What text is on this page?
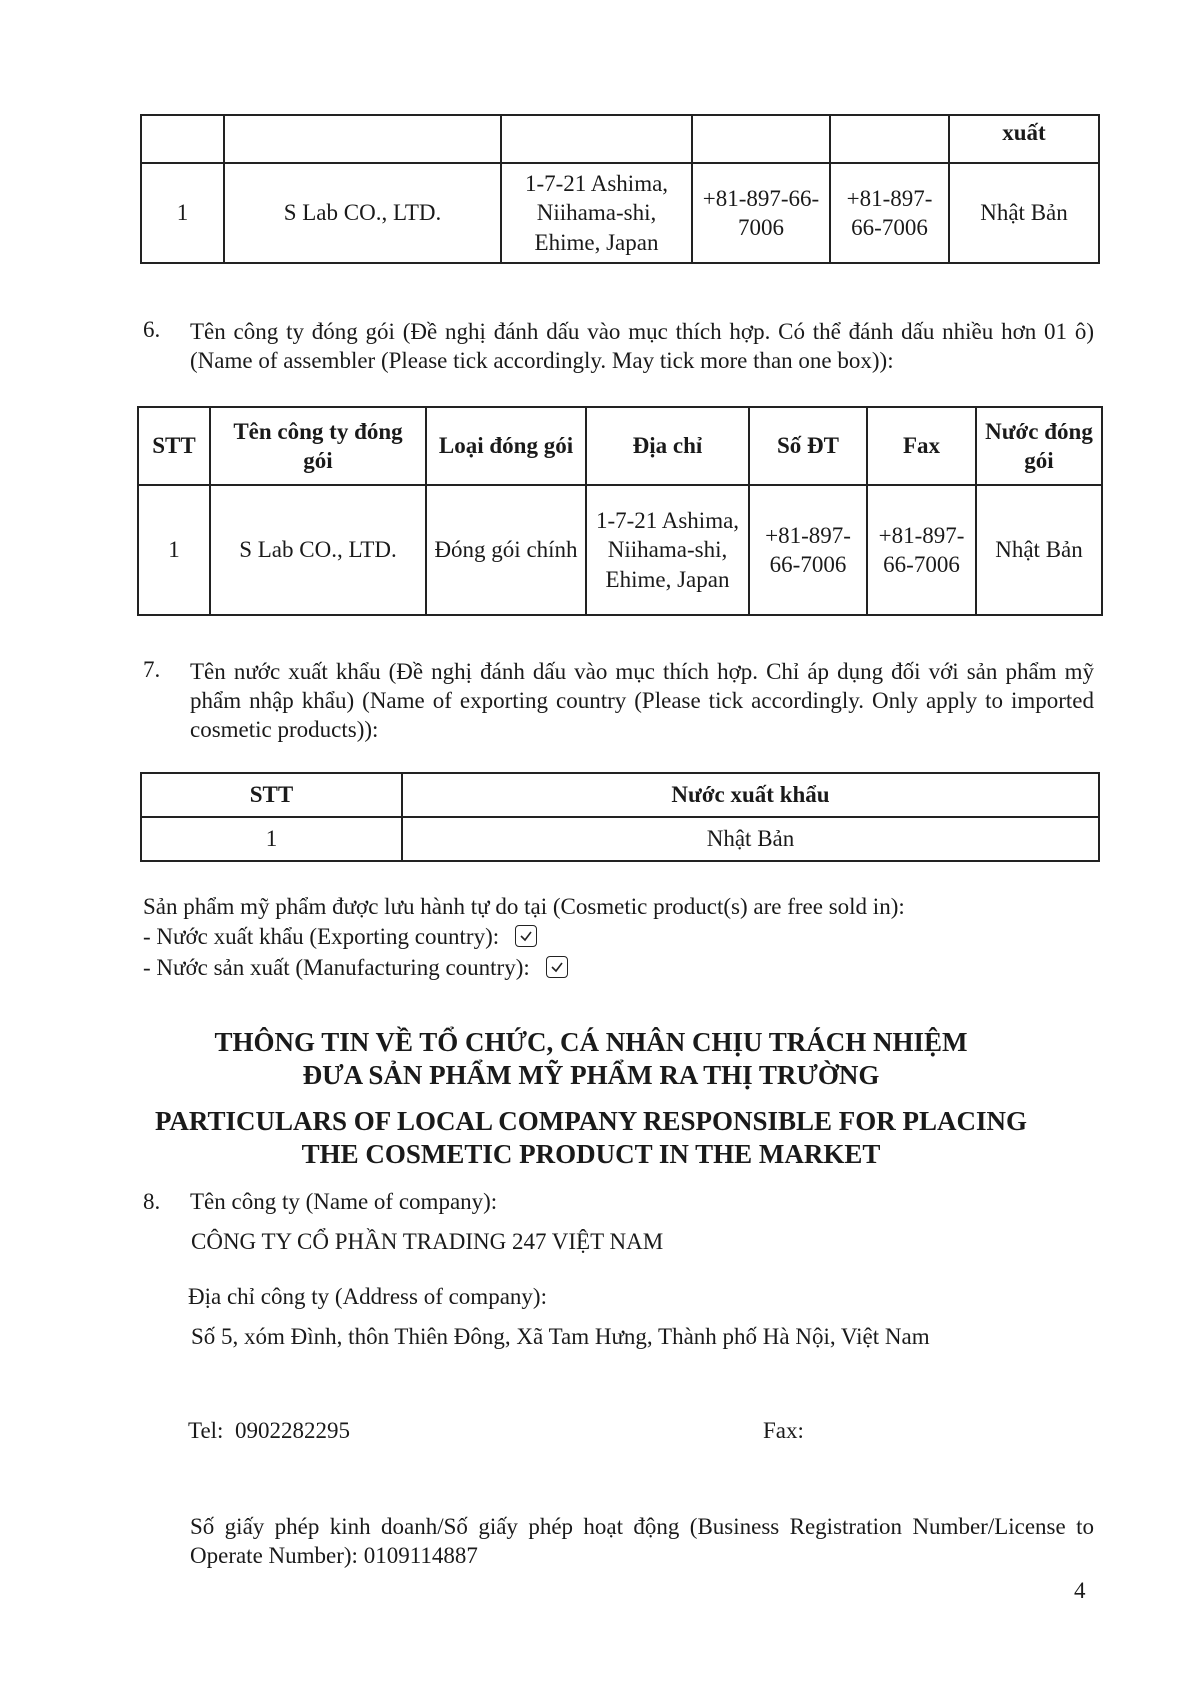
					xuất
1	S Lab CO., LTD.	1-7-21 Ashima, Niihama-shi, Ehime, Japan	+81-897-66-7006	+81-897-66-7006	Nhật Bản
6. Tên công ty đóng gói (Đề nghị đánh dấu vào mục thích hợp. Có thể đánh dấu nhiều hơn 01 ô) (Name of assembler (Please tick accordingly. May tick more than one box)):
STT	Tên công ty đóng gói	Loại đóng gói	Địa chỉ	Số ĐT	Fax	Nước đóng gói
1	S Lab CO., LTD.	Đóng gói chính	1-7-21 Ashima, Niihama-shi, Ehime, Japan	+81-897-66-7006	+81-897-66-7006	Nhật Bản
7. Tên nước xuất khẩu (Đề nghị đánh dấu vào mục thích hợp. Chỉ áp dụng đối với sản phẩm mỹ phẩm nhập khẩu) (Name of exporting country (Please tick accordingly. Only apply to imported cosmetic products)):
STT	Nước xuất khẩu
1	Nhật Bản
Sản phẩm mỹ phẩm được lưu hành tự do tại (Cosmetic product(s) are free sold in):
- Nước xuất khẩu (Exporting country):
- Nước sản xuất (Manufacturing country):
THÔNG TIN VỀ TỔ CHỨC, CÁ NHÂN CHỊU TRÁCH NHIỆM
ĐƯA SẢN PHẨM MỸ PHẨM RA THỊ TRƯỜNG
PARTICULARS OF LOCAL COMPANY RESPONSIBLE FOR PLACING
THE COSMETIC PRODUCT IN THE MARKET
8. Tên công ty (Name of company):
CÔNG TY CỔ PHẦN TRADING 247 VIỆT NAM
Địa chỉ công ty (Address of company):
Số 5, xóm Đình, thôn Thiên Đông, Xã Tam Hưng, Thành phố Hà Nội, Việt Nam
Tel: 0902282295	Fax:
Số giấy phép kinh doanh/Số giấy phép hoạt động (Business Registration Number/License to Operate Number): 0109114887
4
